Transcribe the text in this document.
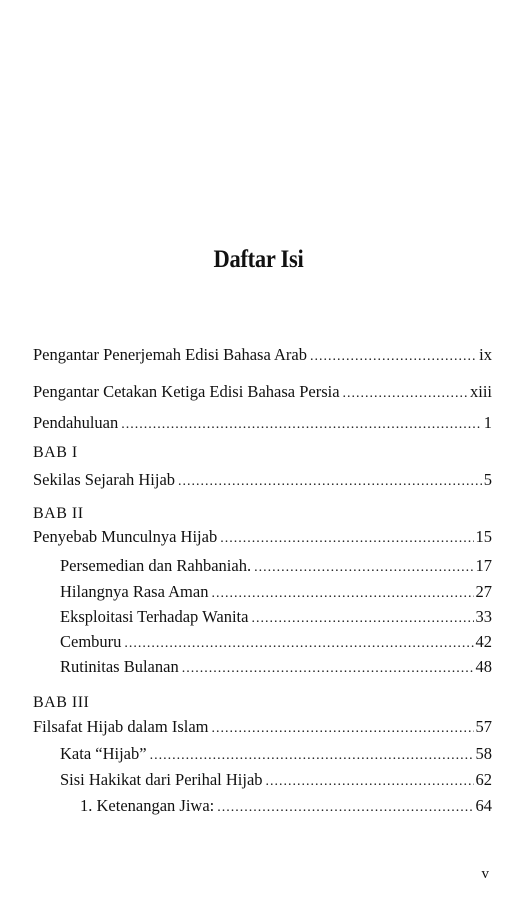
Daftar Isi
Pengantar Penerjemah Edisi Bahasa Arab .....	ix
Pengantar Cetakan Ketiga Edisi Bahasa Persia .....	xiii
Pendahuluan .....	1
BAB I
Sekilas Sejarah Hijab .....	5
BAB II
Penyebab Munculnya Hijab .....	15
Persemedian dan Rahbaniah. .....	17
Hilangnya Rasa Aman .....	27
Eksploitasi Terhadap Wanita .....	33
Cemburu .....	42
Rutinitas Bulanan .....	48
BAB III
Filsafat Hijab dalam Islam .....	57
Kata “Hijab” .....	58
Sisi Hakikat dari Perihal Hijab .....	62
1. Ketenangan Jiwa: .....	64
v
